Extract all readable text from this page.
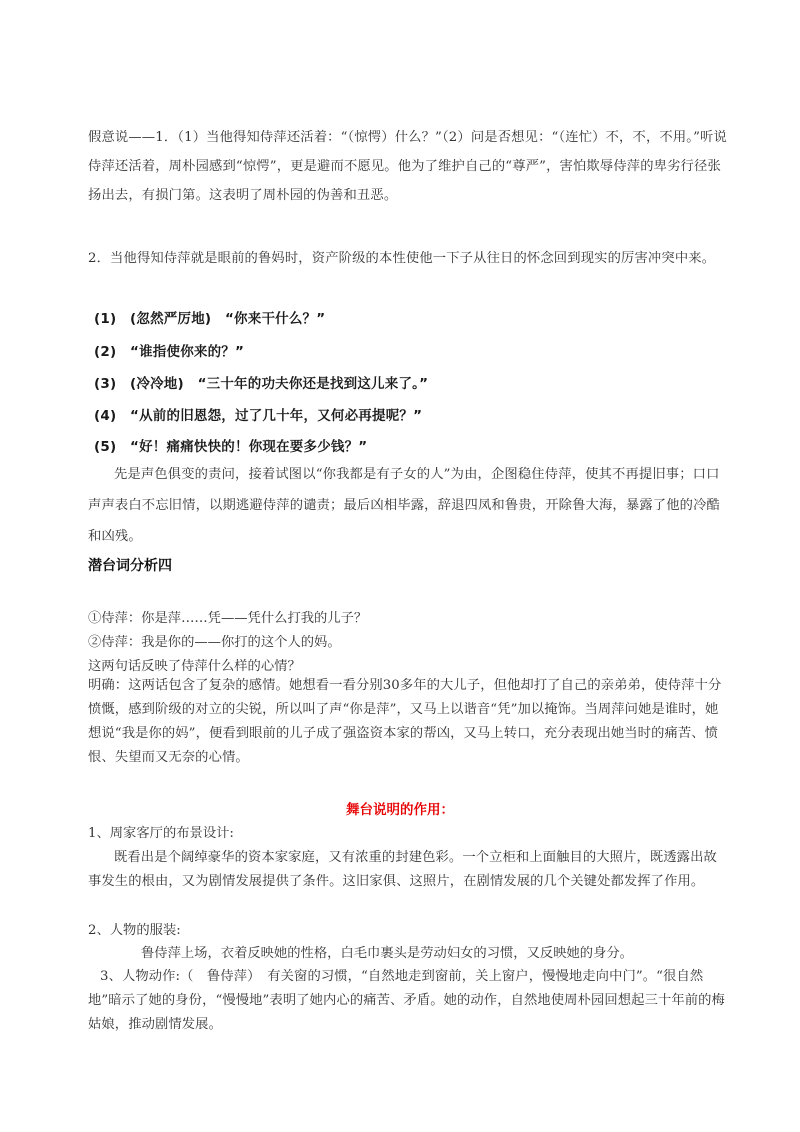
假意说——1．（1）当他得知侍萍还活着：“（惊愕）什么？”（2）问是否想见：“（连忙）不，不，不用。”听说侍萍还活着，周朴园感到“惊愕”，更是避而不愿见。他为了维护自己的“尊严”，害怕欺辱侍萍的卑劣行径张扬出去，有损门第。这表明了周朴园的伪善和丑恶。

2．当他得知侍萍就是眼前的鲁妈时，资产阶级的本性使他一下子从往日的怀念回到现实的厉害冲突中来。

(1)　(忽然严厉地)　“你来干什么？”
(2)　“谁指使你来的？”
(3)　(冷冷地)　“三十年的功夫你还是找到这儿来了。”
(4)　“从前的旧恩怨，过了几十年，又何必再提呢？”
(5)　“好！痛痛快快的！你现在要多少钱？”

先是声色俱变的责问，接着试图以“你我都是有子女的人”为由，企图稳住侍萍，使其不再提旧事；口口声声表白不忘旧情，以期逃避侍萍的谴责；最后凶相毕露，辞退四凤和鲁贵，开除鲁大海，暴露了他的冷酷和凶残。

潜台词分析四
①侍萍：你是萍……凭——凭什么打我的儿子？
②侍萍：我是你的——你打的这个人的妈。
这两句话反映了侍萍什么样的心情？

明确：这两话包含了复杂的感情。她想看一看分别30多年的大儿子，但他却打了自己的亲弟弟，使侍萍十分愤慨，感到阶级的对立的尖锐，所以叫了声“你是萍”，又马上以谐音“凭”加以掩饰。当周萍问她是谁时，她想说“我是你的妈”，便看到眼前的儿子成了强盗资本家的帮凶，又马上转口，充分表现出她当时的痛苦、愤恨、失望而又无奈的心情。

舞台说明的作用：
1、周家客厅的布景设计:

既看出是个阔绰豪华的资本家家庭，又有浓重的封建色彩。一个立柜和上面触目的大照片，既透露出故事发生的根由，又为剧情发展提供了条件。这旧家俱、这照片，在剧情发展的几个关键处都发挥了作用。

2、人物的服装:
鲁侍萍上场，衣着反映她的性格，白毛巾裹头是劳动妇女的习惯，又反映她的身分。

3、人物动作:（　鲁侍萍）　有关窗的习惯，“自然地走到窗前，关上窗户，慢慢地走向中门”。“很自然地”暗示了她的身份，“慢慢地”表明了她内心的痛苦、矛盾。她的动作，自然地使周朴园回想起三十年前的梅姑娘，推动剧情发展。
